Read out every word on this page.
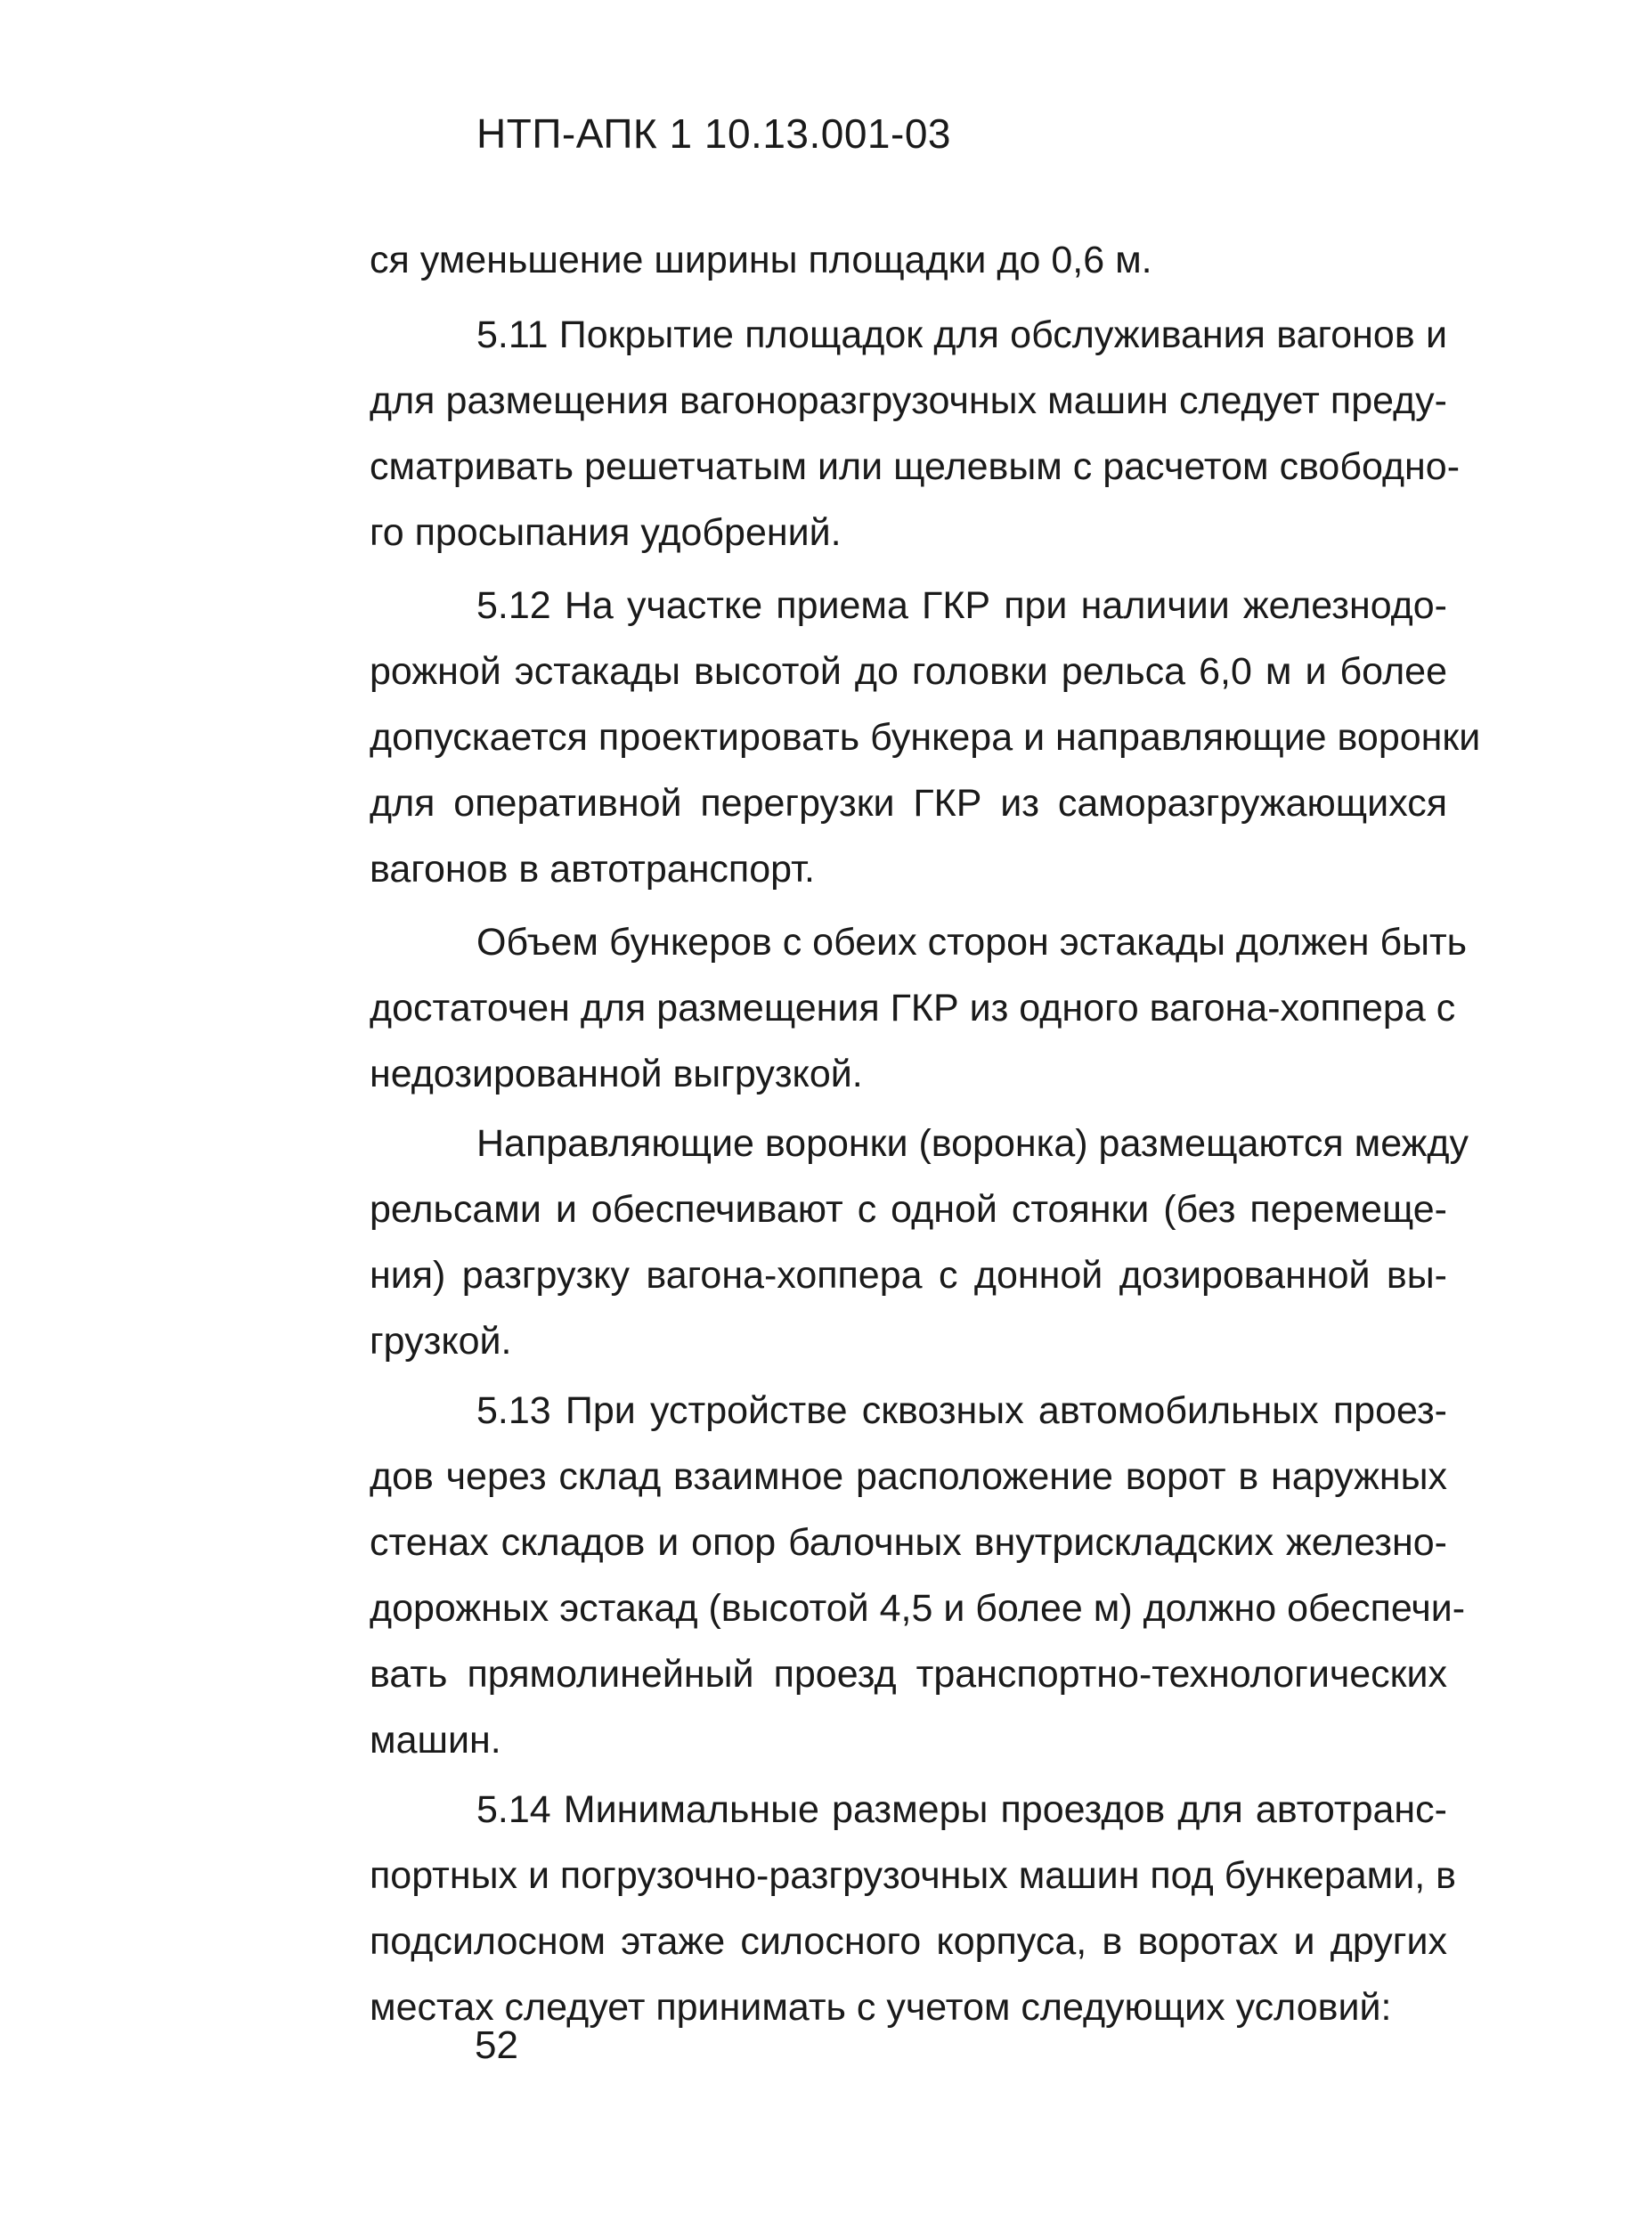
НТП-АПК 1 10.13.001-03
ся уменьшение ширины площадки до 0,6 м.
5.11 Покрытие площадок для обслуживания вагонов и
для размещения вагоноразгрузочных машин следует преду-
сматривать решетчатым или щелевым с расчетом свободно-
го просыпания удобрений.
5.12 На участке приема ГКР при наличии железнодо-
рожной эстакады высотой до головки рельса 6,0 м и более
допускается проектировать бункера и направляющие воронки
для оперативной перегрузки ГКР из саморазгружающихся
вагонов в автотранспорт.
Объем бункеров с обеих сторон эстакады должен быть
достаточен для размещения ГКР из одного вагона-хоппера с
недозированной выгрузкой.
Направляющие воронки (воронка) размещаются между
рельсами и обеспечивают с одной стоянки (без перемеще-
ния) разгрузку вагона-хоппера с донной дозированной вы-
грузкой.
5.13 При устройстве сквозных автомобильных проез-
дов через склад взаимное расположение ворот в наружных
стенах складов и опор балочных внутрискладских железно-
дорожных эстакад (высотой 4,5 и более м) должно обеспечи-
вать прямолинейный проезд транспортно-технологических
машин.
5.14 Минимальные размеры проездов для автотранс-
портных и погрузочно-разгрузочных машин под бункерами, в
подсилосном этаже силосного корпуса, в воротах и других
местах следует принимать с учетом следующих условий:
52
